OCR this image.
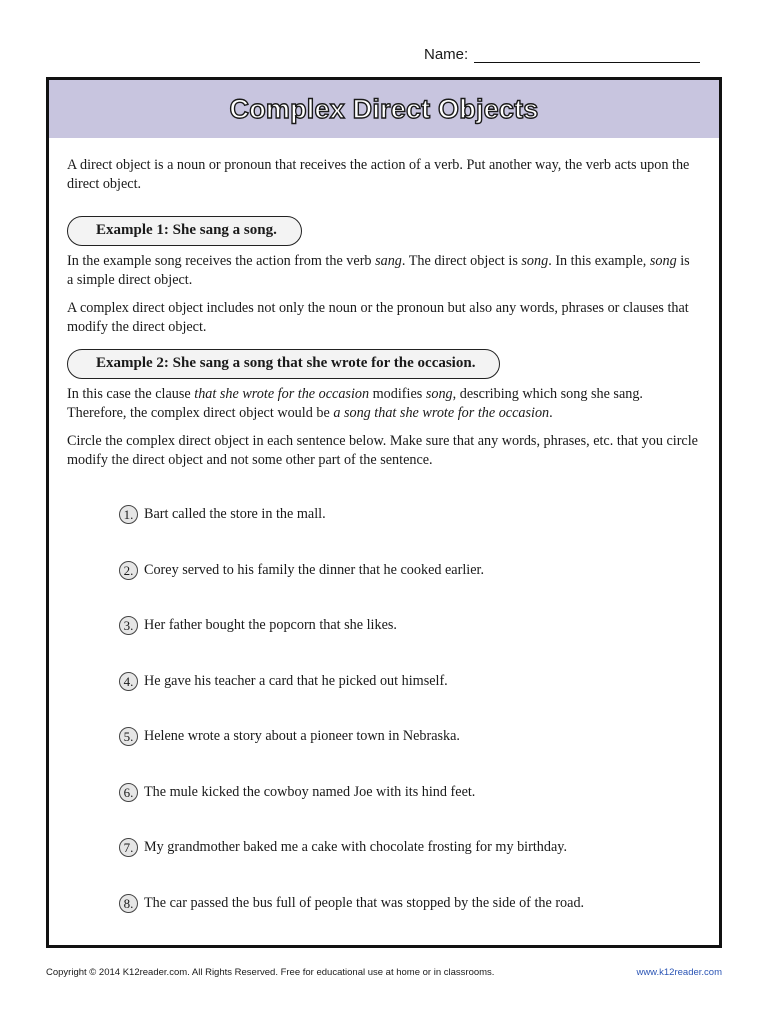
Name:
Complex Direct Objects

A direct object is a noun or pronoun that receives the action of a verb. Put another way, the verb acts upon the direct object.

Example 1: She sang a song.

In the example song receives the action from the verb sang. The direct object is song. In this example, song is a simple direct object.

A complex direct object includes not only the noun or the pronoun but also any words, phrases or clauses that modify the direct object.

Example 2: She sang a song that she wrote for the occasion.

In this case the clause that she wrote for the occasion modifies song, describing which song she sang. Therefore, the complex direct object would be a song that she wrote for the occasion.

Circle the complex direct object in each sentence below. Make sure that any words, phrases, etc. that you circle modify the direct object and not some other part of the sentence.

1. Bart called the store in the mall.
2. Corey served to his family the dinner that he cooked earlier.
3. Her father bought the popcorn that she likes.
4. He gave his teacher a card that he picked out himself.
5. Helene wrote a story about a pioneer town in Nebraska.
6. The mule kicked the cowboy named Joe with its hind feet.
7. My grandmother baked me a cake with chocolate frosting for my birthday.
8. The car passed the bus full of people that was stopped by the side of the road.
Copyright © 2014 K12reader.com. All Rights Reserved. Free for educational use at home or in classrooms.	www.k12reader.com
